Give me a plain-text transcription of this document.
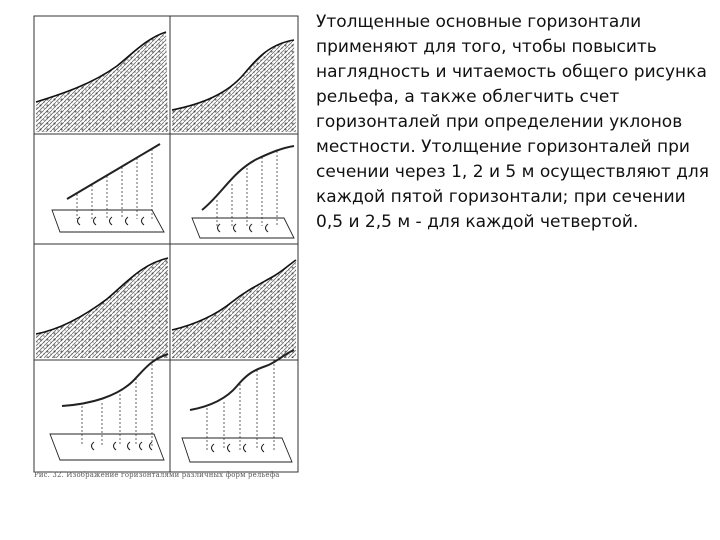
Рис. 32. Изображение горизонталями различных форм рельефа

Утолщенные основные горизонтали применяют для того, чтобы повысить наглядность и читаемость общего рисунка рельефа, а также облегчить счет горизонталей при определении уклонов местности. Утолщение горизонталей при сечении через 1, 2 и 5 м осуществляют для каждой пятой горизонтали; при сечении 0,5 и 2,5 м - для каждой четвертой.
